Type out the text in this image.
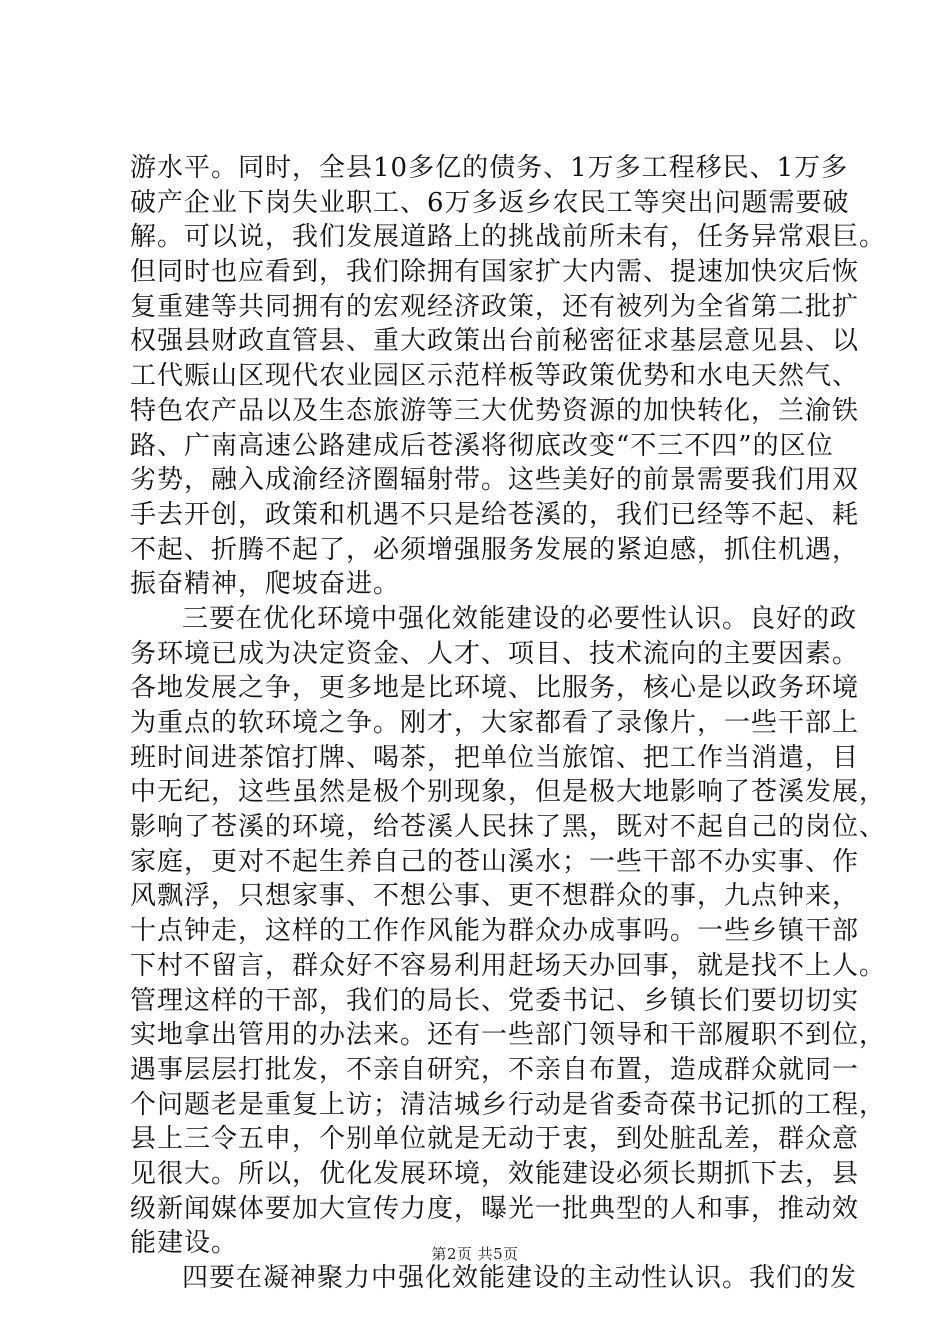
游水平。同时，全县10多亿的债务、1万多工程移民、1万多
破产企业下岗失业职工、6万多返乡农民工等突出问题需要破
解。可以说，我们发展道路上的挑战前所未有，任务异常艰巨。
但同时也应看到，我们除拥有国家扩大内需、提速加快灾后恢
复重建等共同拥有的宏观经济政策，还有被列为全省第二批扩
权强县财政直管县、重大政策出台前秘密征求基层意见县、以
工代赈山区现代农业园区示范样板等政策优势和水电天然气、
特色农产品以及生态旅游等三大优势资源的加快转化，兰渝铁
路、广南高速公路建成后苍溪将彻底改变“不三不四”的区位
劣势，融入成渝经济圈辐射带。这些美好的前景需要我们用双
手去开创，政策和机遇不只是给苍溪的，我们已经等不起、耗
不起、折腾不起了，必须增强服务发展的紧迫感，抓住机遇，
振奋精神，爬坡奋进。
三要在优化环境中强化效能建设的必要性认识。良好的政
务环境已成为决定资金、人才、项目、技术流向的主要因素。
各地发展之争，更多地是比环境、比服务，核心是以政务环境
为重点的软环境之争。刚才，大家都看了录像片，一些干部上
班时间进茶馆打牌、喝茶，把单位当旅馆、把工作当消遣，目
中无纪，这些虽然是极个别现象，但是极大地影响了苍溪发展，
影响了苍溪的环境，给苍溪人民抹了黑，既对不起自己的岗位、
家庭，更对不起生养自己的苍山溪水；一些干部不办实事、作
风飘浮，只想家事、不想公事、更不想群众的事，九点钟来，
十点钟走，这样的工作作风能为群众办成事吗。一些乡镇干部
下村不留言，群众好不容易利用赶场天办回事，就是找不上人。
管理这样的干部，我们的局长、党委书记、乡镇长们要切切实
实地拿出管用的办法来。还有一些部门领导和干部履职不到位，
遇事层层打批发，不亲自研究，不亲自布置，造成群众就同一
个问题老是重复上访；清洁城乡行动是省委奇葆书记抓的工程，
县上三令五申，个别单位就是无动于衷，到处脏乱差，群众意
见很大。所以，优化发展环境，效能建设必须长期抓下去，县
级新闻媒体要加大宣传力度，曝光一批典型的人和事，推动效
能建设。
四要在凝神聚力中强化效能建设的主动性认识。我们的发
第2页 共5页
